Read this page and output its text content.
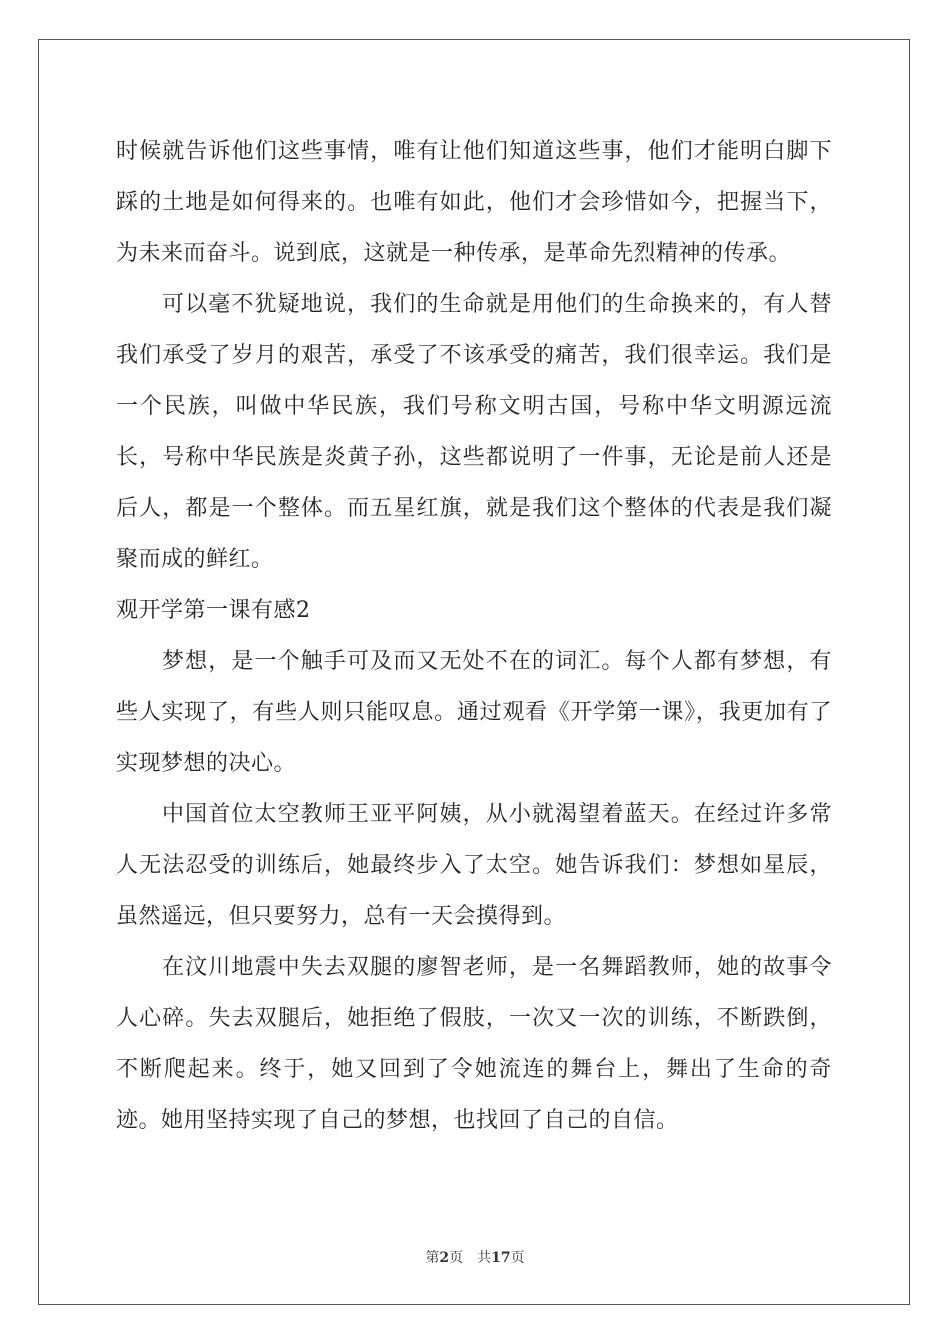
时候就告诉他们这些事情，唯有让他们知道这些事，他们才能明白脚下踩的土地是如何得来的。也唯有如此，他们才会珍惜如今，把握当下，为未来而奋斗。说到底，这就是一种传承，是革命先烈精神的传承。

可以毫不犹疑地说，我们的生命就是用他们的生命换来的，有人替我们承受了岁月的艰苦，承受了不该承受的痛苦，我们很幸运。我们是一个民族，叫做中华民族，我们号称文明古国，号称中华文明源远流长，号称中华民族是炎黄子孙，这些都说明了一件事，无论是前人还是后人，都是一个整体。而五星红旗，就是我们这个整体的代表是我们凝聚而成的鲜红。

观开学第一课有感2

梦想，是一个触手可及而又无处不在的词汇。每个人都有梦想，有些人实现了，有些人则只能叹息。通过观看《开学第一课》，我更加有了实现梦想的决心。

中国首位太空教师王亚平阿姨，从小就渴望着蓝天。在经过许多常人无法忍受的训练后，她最终步入了太空。她告诉我们：梦想如星辰，虽然遥远，但只要努力，总有一天会摸得到。

在汶川地震中失去双腿的廖智老师，是一名舞蹈教师，她的故事令人心碎。失去双腿后，她拒绝了假肢，一次又一次的训练，不断跌倒，不断爬起来。终于，她又回到了令她流连的舞台上，舞出了生命的奇迹。她用坚持实现了自己的梦想，也找回了自己的自信。

第2页 共17页
